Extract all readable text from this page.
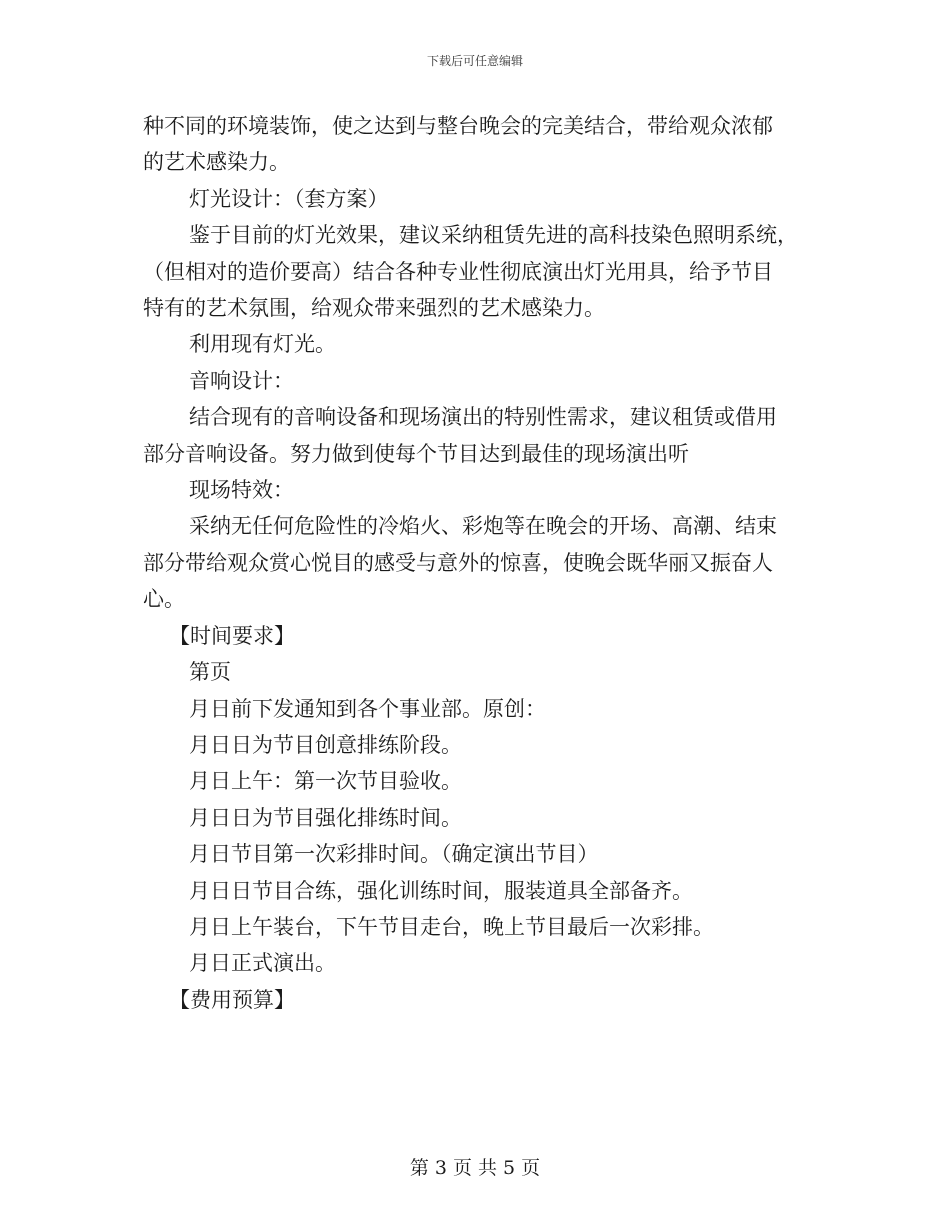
下载后可任意编辑

种不同的环境装饰，使之达到与整台晚会的完美结合，带给观众浓郁

的艺术感染力。

灯光设计：（套方案）

鉴于目前的灯光效果，建议采纳租赁先进的高科技染色照明系统，

（但相对的造价要高）结合各种专业性彻底演出灯光用具，给予节目

特有的艺术氛围，给观众带来强烈的艺术感染力。

利用现有灯光。

音响设计：

结合现有的音响设备和现场演出的特别性需求，建议租赁或借用

部分音响设备。努力做到使每个节目达到最佳的现场演出听

现场特效：

采纳无任何危险性的冷焰火、彩炮等在晚会的开场、高潮、结束

部分带给观众赏心悦目的感受与意外的惊喜，使晚会既华丽又振奋人

心。

【时间要求】

第页

月日前下发通知到各个事业部。原创：

月日日为节目创意排练阶段。

月日上午：第一次节目验收。

月日日为节目强化排练时间。

月日节目第一次彩排时间。（确定演出节目）

月日日节目合练，强化训练时间，服装道具全部备齐。

月日上午装台，下午节目走台，晚上节目最后一次彩排。

月日正式演出。

【费用预算】

第 3 页 共 5 页
